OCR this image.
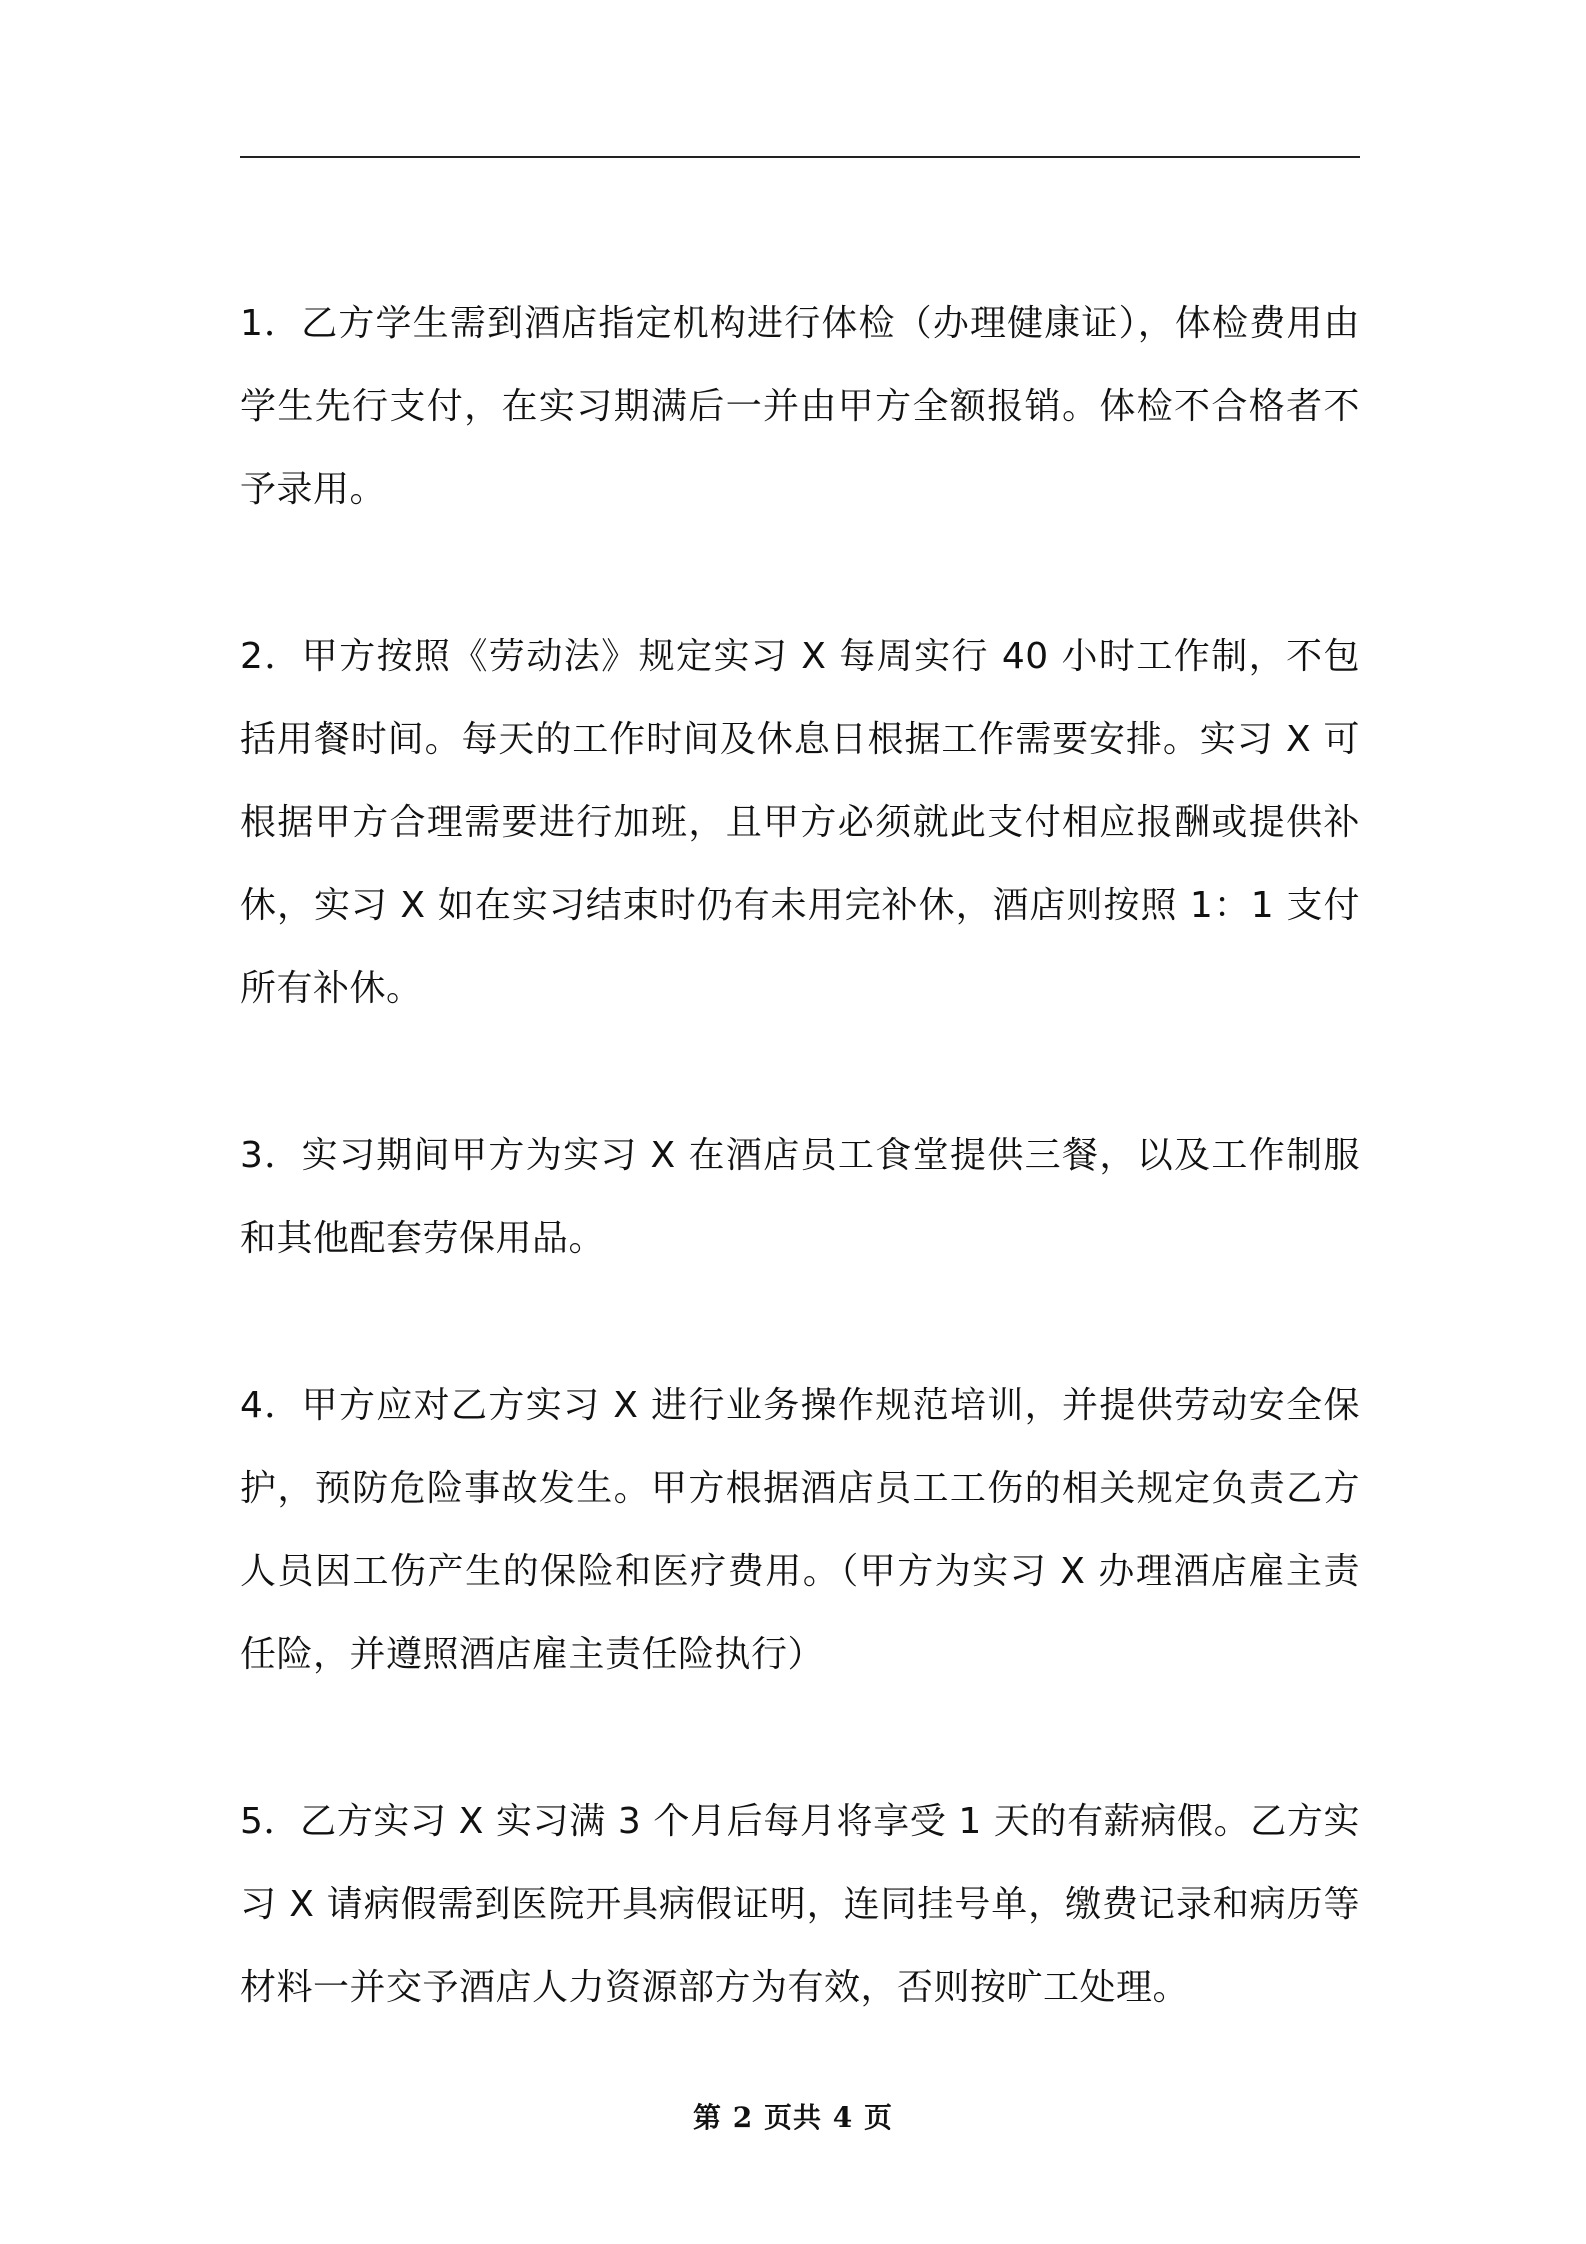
1．乙方学生需到酒店指定机构进行体检（办理健康证），体检费用由学生先行支付，在实习期满后一并由甲方全额报销。体检不合格者不予录用。

2．甲方按照《劳动法》规定实习 X 每周实行 40 小时工作制，不包括用餐时间。每天的工作时间及休息日根据工作需要安排。实习 X 可根据甲方合理需要进行加班，且甲方必须就此支付相应报酬或提供补休，实习 X 如在实习结束时仍有未用完补休，酒店则按照 1：1 支付所有补休。

3．实习期间甲方为实习 X 在酒店员工食堂提供三餐，以及工作制服和其他配套劳保用品。

4．甲方应对乙方实习 X 进行业务操作规范培训，并提供劳动安全保护，预防危险事故发生。甲方根据酒店员工工伤的相关规定负责乙方人员因工伤产生的保险和医疗费用。（甲方为实习 X 办理酒店雇主责任险，并遵照酒店雇主责任险执行）

5．乙方实习 X 实习满 3 个月后每月将享受 1 天的有薪病假。乙方实习 X 请病假需到医院开具病假证明，连同挂号单，缴费记录和病历等材料一并交予酒店人力资源部方为有效，否则按旷工处理。

第 2 页共 4 页
